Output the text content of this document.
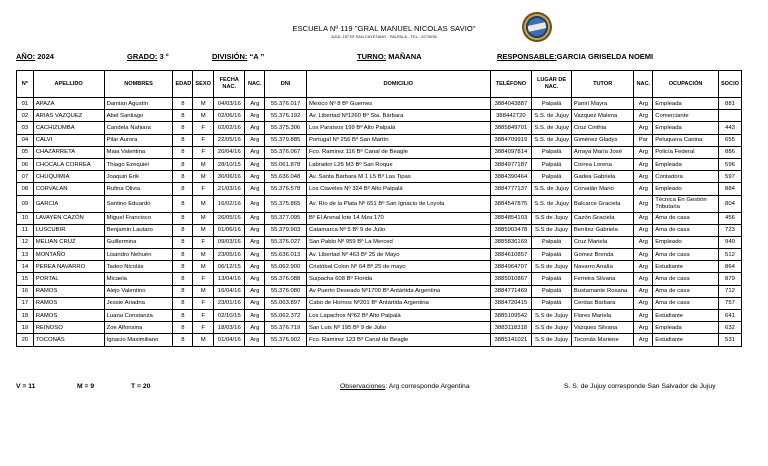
ESCUELA Nº 119 "GRAL MANUEL NICOLAS SAVIO"
AZUL 157 Bº SAN CAYETANO - PALPALÁ - TEL.: 4270036
AÑO: 2024	GRADO: 3 °	DIVISIÓN: “A ”	TURNO: MAÑANA	RESPONSABLE:GARCIA GRISELDA NOEMI
Nº	APELLIDO	NOMBRES	EDAD	SEXO	FECHA NAC.	NAC.	DNI	DOMICILIO	TELÉFONO	LUGAR DE NAC.	TUTOR	NAC.	OCUPACIÓN	SOCIO
01	APAZA	Damian Agustín	8	M	04/03/16	Arg	55.376.017	Mexico Nº 8 Bº Guemes	3884043887	Palpalá	Panirí Mayra	Arg	Empleada	881
02	ARIAS VAZQUEZ	Abel Santiago	8	M	02/06/16	Arg	55.376.192	Av. Libertad Nº1260 Bº Sta. Bárbara	388442720	S.S. de Jujuy	Vazquez Malena	Arg	Comerciante	
03	CACHIZUMBA	Candela Nahiara	8	F	02/02/16	Arg	55.375.306	Los Paraísos 199 Bº Alto Palpalá	3885849701	S.S. de Jujuy	Cruz Cinthia	Arg	Empleada	443
04	CALVI	Pilar Aurora	8	F	22/05/16	Arg	55.379.885	Portugal Nº 256 Bº San Martín	3884709919	S.S. de Jujuy	Giménez Gladys	Par	Peluquera Canina	655
05	CHAZARRETA	Maia Valentina	8	F	20/04/16	Arg	55.376.067	Fco. Ramirez 116 Bº Canal de Beagle	3884097814	Palpalá	Arraya María José	Arg	Policía Federal	886
06	CHOCALA CORREA	Thiago Ezequiel	8	M	28/10/15	Arg	55.061.878	Labrador L25 M3 Bº San Roque	3884977187	Palpalá	Correa Lorena	Arg	Empleada	596
07	CHUQUIMIA	Joaquin Erik	8	M	30/06/16	Arg	55.636.048	Av. Santa Barbara M 1 L5 Bº Las Tipas	3884390464	Palpalá	Gadea Gabriela	Arg	Contadora	597
08	CORVALAN	Rufina Olivia	8	F	21/03/16	Arg	55.376.578	Los Claveles Nº 324 Bº Alto Palpalá	3884777137	S.S. de Jujuy	Corvalán Mario	Arg	Empleado	884
09	GARCIA	Santino Eduardo	8	M	16/02/16	Arg	55.375.865	Av. Río de la Plata Nº 651 Bº San Ignacio de Loyola	3884547875	S.S. de Jujuy	Balcarce Graciela	Arg	Técnica En Gestión Tributaria	804
10	LAVAYÉN CAZÓN	Miguel Francisco	8	M	26/05/16	Arg	55.377.095	Bº El Arenal lote 14 Mza 170	3884854103	S.S de Jujuy	Cazón Graciela	Arg	Ama de casa	456
11	LUSCUBIR	Benjamin Lautaro	8	M	01/06/16	Arg	55.379.903	Catamarca Nº 5 Bº 9 de Julio	3885903478	S.S de Jujuy	Benítez Gabriela	Arg	Ama de casa	723
12	MELIAN CRUZ	Guillermina	8	F	09/03/16	Arg	55.376.027	San Pablo Nº 959 Bº La Merced	3885836169	Palpalá	Cruz Mariela	Arg	Empleado	940
13	MONTAÑO	Lisandro Nehuén	8	M	23/05/16	Arg	55.636.013	Av. Libertad Nº 463 Bº 25 de Mayo	3884610857	Palpalá	Gomez Brenda	Arg	Ama de casa	512
14	PEREA NAVARRO	Tadeo Nicolás	8	M	06/12/15	Arg	55.062.900	Cristóbal Colon Nº 64 Bº 25 de mayo	3884964707	S.S de Jujuy	Navarro Analía	Arg	Estudiante	864
15	PORTAL	Micaela	8	F	13/04/16	Arg	55.376.088	Suipacha 608 Bº Florida	3885010867	Palpalá	Ferreira Silvana	Arg	Ama de casa	879
16	RAMOS	Alejo Valentino	8	M	16/04/16	Arg	55.376.080	Av Puerto Deseado Nº1700 Bº Antártida Argentina	3884771469	Palpalá	Bustamante Roxana	Arg	Ama de casa	712
17	RAMOS	Jessie Ariadna	8	F	23/01/16	Arg	55.063.897	Cabo de Hornos Nº201 Bº Antártida Argentina	3884720415	Palpalá	Cerdas Barbara	Arg	Ama de casa	757
18	RAMOS	Luana Constanza	8	F	02/10/15	Arg	55.062.372	Los Lapachos Nº62 Bº Alto Palpalá	3885109542	S.S de Jujuy	Flores Mariela	Arg	Estudiante	641
19	REINOSO	Zoe Alfonsina	8	F	18/03/16	Arg	55.376.719	San Luis Nº 195 Bº 9 de Julio	3883118318	S.S de Jujuy	Vazquez Silvana	Arg	Empleada	632
20	TOCONÁS	Ignacio Maximiliano	8	M	01/04/16	Arg	55.376.902	Fco. Ramirez 123 Bº Canal de Beagle	3885141021	S.S de Jujuy	Toconás Mariene	Arg	Estudiante	531
V = 11	M = 9	T = 20	Observaciones: Arg corresponde Argentina	S. S. de Jujuy corresponde San Salvador de Jujuy
